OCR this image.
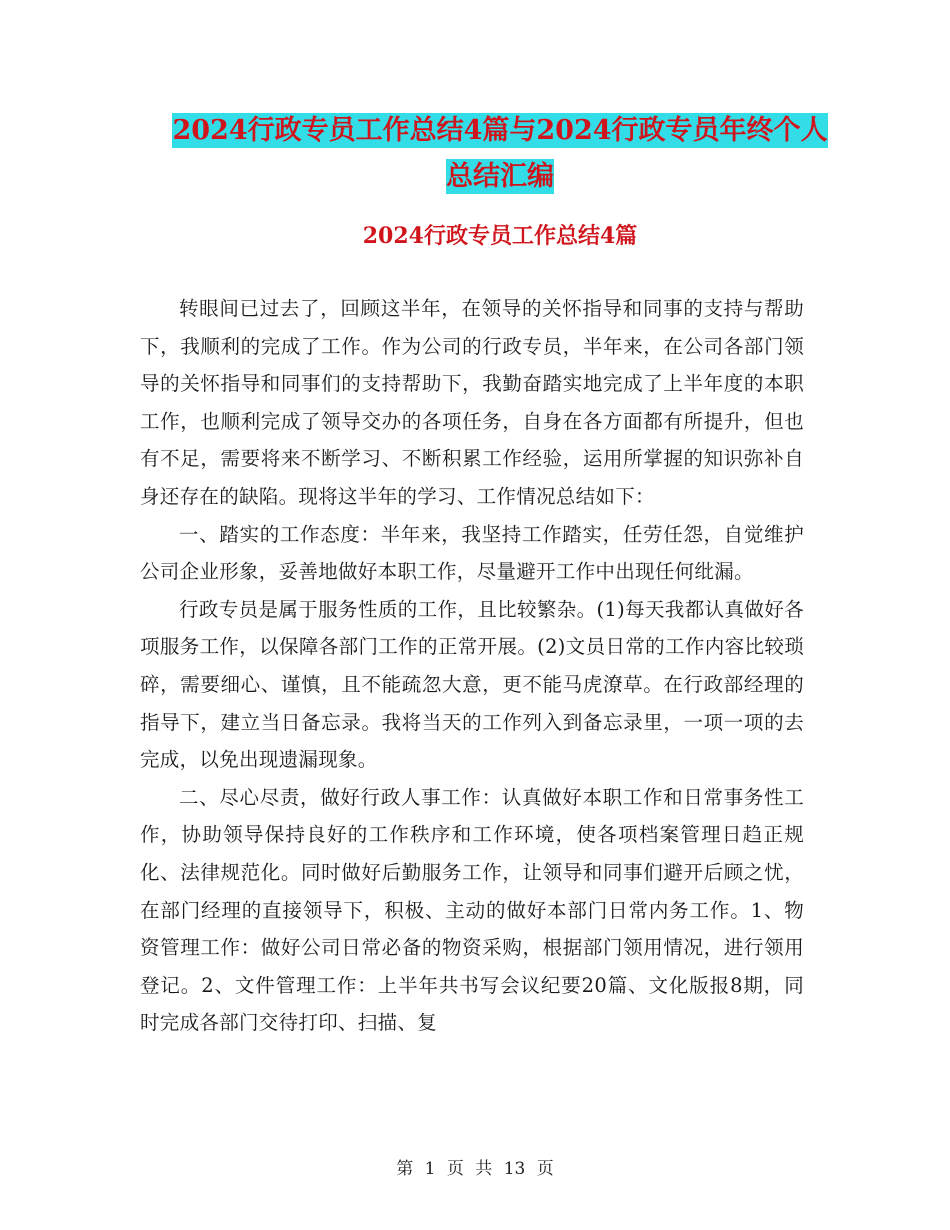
2024行政专员工作总结4篇与2024行政专员年终个人
总结汇编
2024行政专员工作总结4篇

转眼间已过去了，回顾这半年，在领导的关怀指导和同事的支持与帮助下，我顺利的完成了工作。作为公司的行政专员，半年来，在公司各部门领导的关怀指导和同事们的支持帮助下，我勤奋踏实地完成了上半年度的本职工作，也顺利完成了领导交办的各项任务，自身在各方面都有所提升，但也有不足，需要将来不断学习、不断积累工作经验，运用所掌握的知识弥补自身还存在的缺陷。现将这半年的学习、工作情况总结如下：

一、踏实的工作态度：半年来，我坚持工作踏实，任劳任怨，自觉维护公司企业形象，妥善地做好本职工作，尽量避开工作中出现任何纰漏。

行政专员是属于服务性质的工作，且比较繁杂。(1)每天我都认真做好各项服务工作，以保障各部门工作的正常开展。(2)文员日常的工作内容比较琐碎，需要细心、谨慎，且不能疏忽大意，更不能马虎潦草。在行政部经理的指导下，建立当日备忘录。我将当天的工作列入到备忘录里，一项一项的去完成，以免出现遗漏现象。

二、尽心尽责，做好行政人事工作：认真做好本职工作和日常事务性工作，协助领导保持良好的工作秩序和工作环境，使各项档案管理日趋正规化、法律规范化。同时做好后勤服务工作，让领导和同事们避开后顾之忧，在部门经理的直接领导下，积极、主动的做好本部门日常内务工作。1、物资管理工作：做好公司日常必备的物资采购，根据部门领用情况，进行领用登记。2、文件管理工作：上半年共书写会议纪要20篇、文化版报8期，同时完成各部门交待打印、扫描、复

第 1 页 共 13 页
